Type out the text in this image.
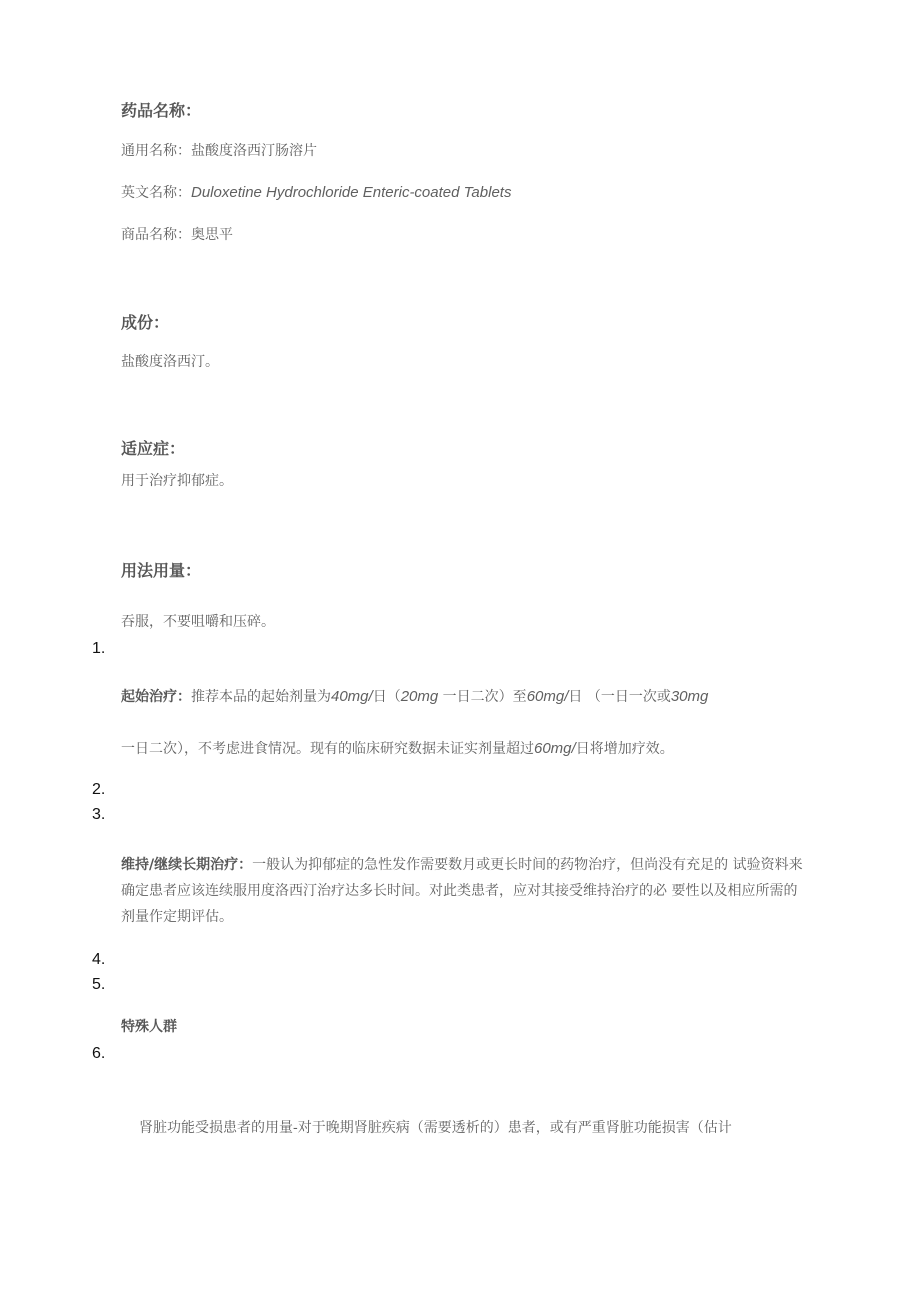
药品名称：
通用名称：盐酸度洛西汀肠溶片
英文名称：Duloxetine Hydrochloride Enteric-coated Tablets
商品名称：奥思平
成份：
盐酸度洛西汀。
适应症：
用于治疗抑郁症。
用法用量：
吞服，不要咀嚼和压碎。
1.
起始治疗：推荐本品的起始剂量为40mg/日（20mg 一日二次）至60mg/日 （一日一次或30mg
一日二次），不考虑进食情况。现有的临床研究数据未证实剂量超过60mg/日将增加疗效。
2.
3.
维持/继续长期治疗：一般认为抑郁症的急性发作需要数月或更长时间的药物治疗，但尚没有充足的 试验资料来确定患者应该连续服用度洛西汀治疗达多长时间。对此类患者，应对其接受维持治疗的必 要性以及相应所需的剂量作定期评估。
4.
5.
特殊人群
6.
肾脏功能受损患者的用量-对于晚期肾脏疾病（需要透析的）患者，或有严重肾脏功能损害（估计
